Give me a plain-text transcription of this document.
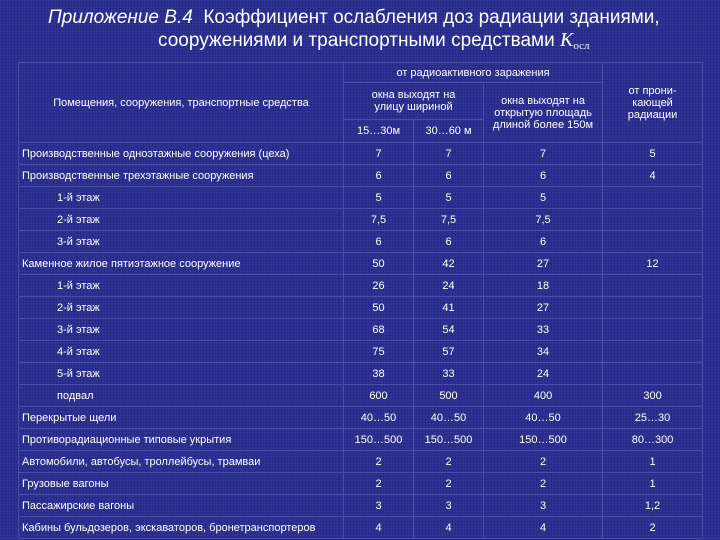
Приложение В.4 Коэффициент ослабления доз радиации зданиями,
сооружениями и транспортными средствами $K_{осл}$
Помещения, сооружения, транспортные средства	от радиоактивного заражения			от прони-кающей радиации
	окна выходят на улицу шириной		окна выходят на открытую площадь длиной более 150м	
	15…30м	30…60 м		
Производственные одноэтажные сооружения (цеха)	7	7	7	5
Производственные трехэтажные сооружения	6	6	6	4
1-й этаж	5	5	5	
2-й этаж	7,5	7,5	7,5	
3-й этаж	6	6	6	
Каменное жилое пятиэтажное сооружение	50	42	27	12
1-й этаж	26	24	18	
2-й этаж	50	41	27	
3-й этаж	68	54	33	
4-й этаж	75	57	34	
5-й этаж	38	33	24	
подвал	600	500	400	300
Перекрытые щели	40…50	40…50	40…50	25…30
Противорадиационные типовые укрытия	150…500	150…500	150…500	80…300
Автомобили, автобусы, троллейбусы, трамваи	2	2	2	1
Грузовые вагоны	2	2	2	1
Пассажирские вагоны	3	3	3	1,2
Кабины бульдозеров, экскаваторов, бронетранспортеров	4	4	4	2
